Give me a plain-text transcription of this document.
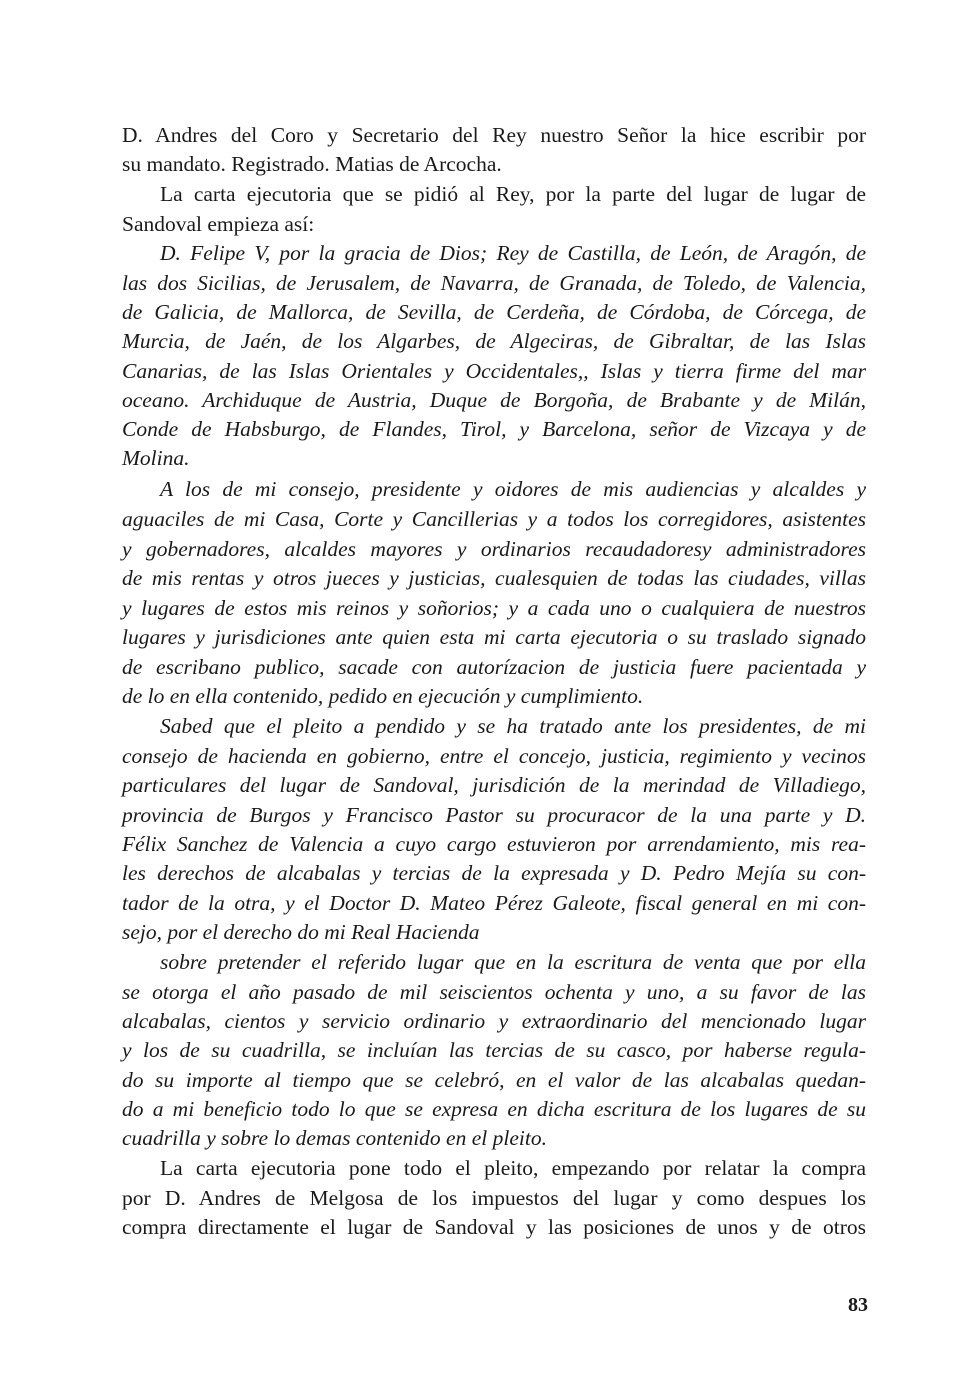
D. Andres del Coro y Secretario del Rey nuestro Señor la hice escribir por
su mandato. Registrado. Matias de Arcocha.
La carta ejecutoria que se pidió al Rey, por la parte del lugar de lugar de
Sandoval empieza así:
D. Felipe V, por la gracia de Dios; Rey de Castilla, de León, de Aragón, de
las dos Sicilias, de Jerusalem, de Navarra, de Granada, de Toledo, de Valencia,
de Galicia, de Mallorca, de Sevilla, de Cerdeña, de Córdoba, de Córcega, de
Murcia, de Jaén, de los Algarbes, de Algeciras, de Gibraltar, de las Islas
Canarias, de las Islas Orientales y Occidentales,, Islas y tierra firme del mar
oceano. Archiduque de Austria, Duque de Borgoña, de Brabante y de Milán,
Conde de Habsburgo, de Flandes, Tirol, y Barcelona, señor de Vizcaya y de
Molina.
A los de mi consejo, presidente y oidores de mis audiencias y alcaldes y
aguaciles de mi Casa, Corte y Cancillerias y a todos los corregidores, asistentes
y gobernadores, alcaldes mayores y ordinarios recaudadoresy administradores
de mis rentas y otros jueces y justicias, cualesquien de todas las ciudades, villas
y lugares de estos mis reinos y soñorios; y a cada uno o cualquiera de nuestros
lugares y jurisdiciones ante quien esta mi carta ejecutoria o su traslado signado
de escribano publico, sacade con autorízacion de justicia fuere pacientada y
de lo en ella contenido, pedido en ejecución y cumplimiento.
Sabed que el pleito a pendido y se ha tratado ante los presidentes, de mi
consejo de hacienda en gobierno, entre el concejo, justicia, regimiento y vecinos
particulares del lugar de Sandoval, jurisdición de la merindad de Villadiego,
provincia de Burgos y Francisco Pastor su procuracor de la una parte y D.
Félix Sanchez de Valencia a cuyo cargo estuvieron por arrendamiento, mis rea-
les derechos de alcabalas y tercias de la expresada y D. Pedro Mejía su con-
tador de la otra, y el Doctor D. Mateo Pérez Galeote, fiscal general en mi con-
sejo, por el derecho do mi Real Hacienda
sobre pretender el referido lugar que en la escritura de venta que por ella
se otorga el año pasado de mil seiscientos ochenta y uno, a su favor de las
alcabalas, cientos y servicio ordinario y extraordinario del mencionado lugar
y los de su cuadrilla, se incluían las tercias de su casco, por haberse regula-
do su importe al tiempo que se celebró, en el valor de las alcabalas quedan-
do a mi beneficio todo lo que se expresa en dicha escritura de los lugares de su
cuadrilla y sobre lo demas contenido en el pleito.
La carta ejecutoria pone todo el pleito, empezando por relatar la compra
por D. Andres de Melgosa de los impuestos del lugar y como despues los
compra directamente el lugar de Sandoval y las posiciones de unos y de otros
83
